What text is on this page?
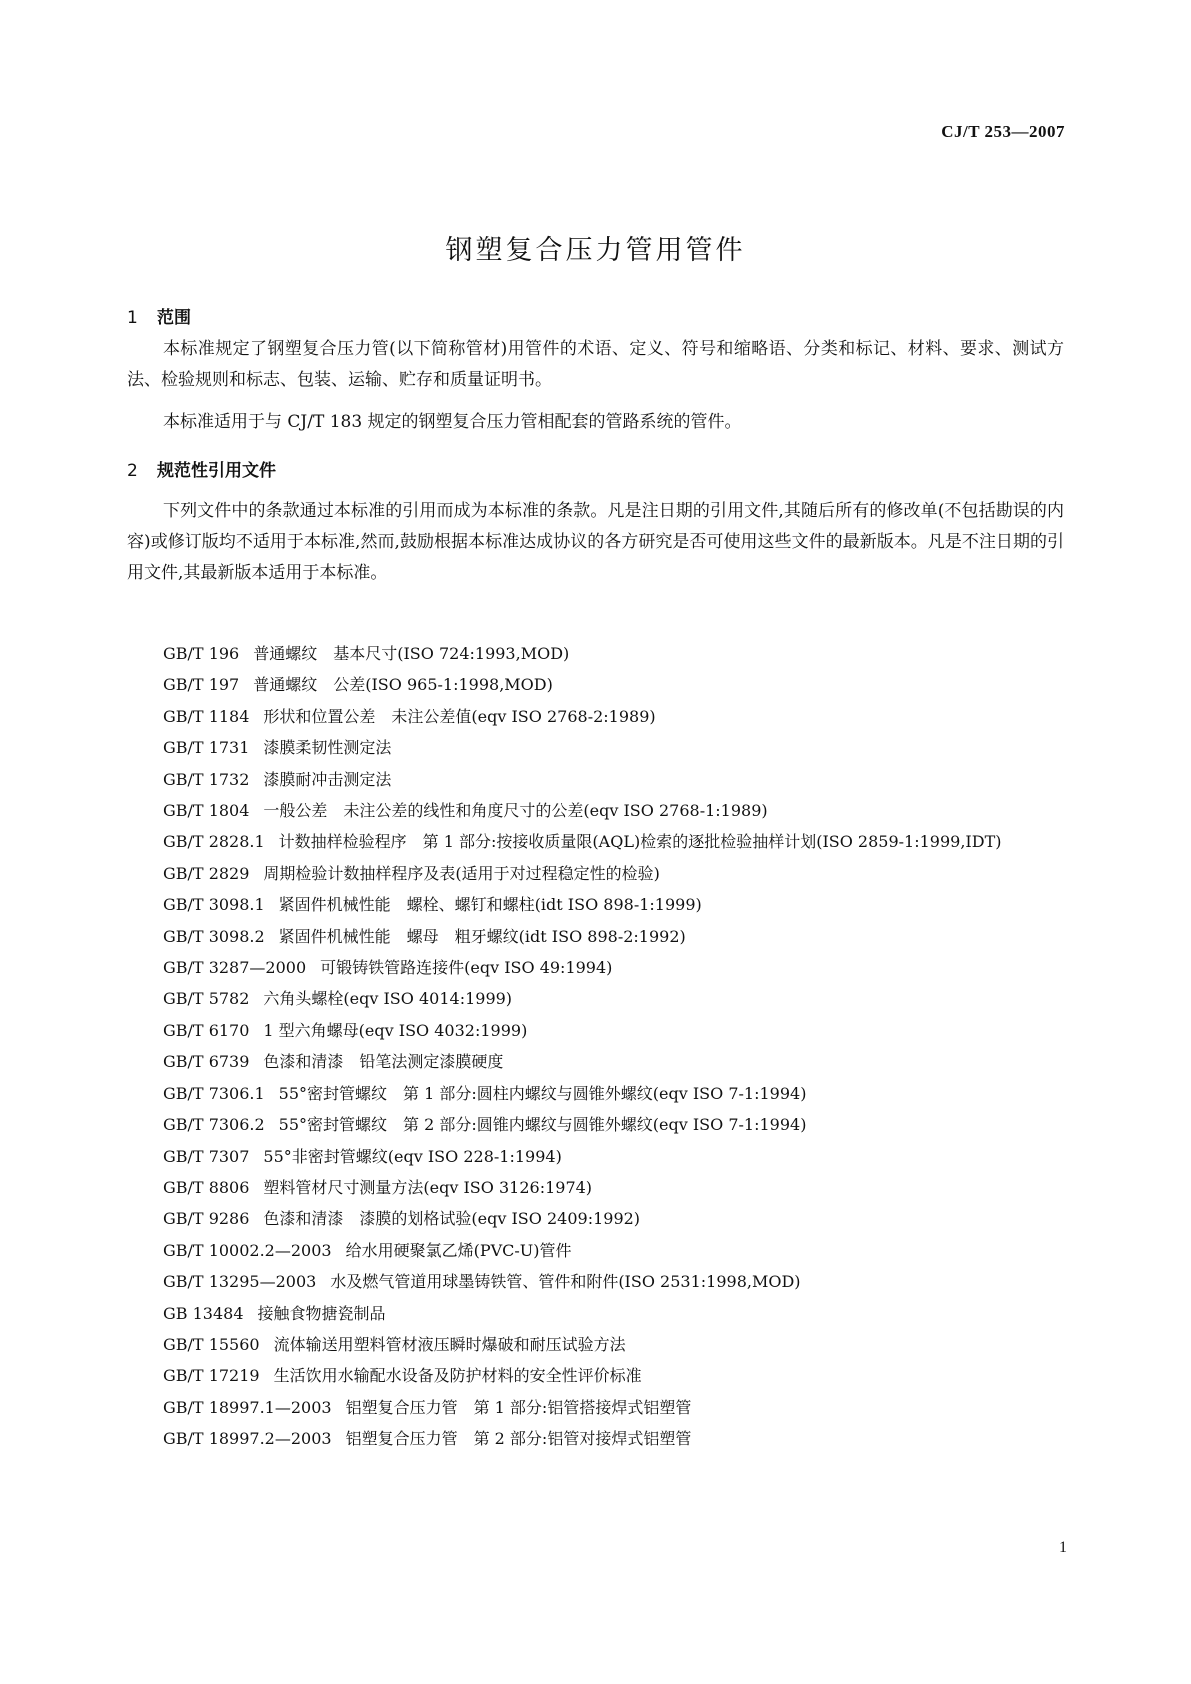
CJ/T 253—2007
钢塑复合压力管用管件
1 范围

本标准规定了钢塑复合压力管(以下简称管材)用管件的术语、定义、符号和缩略语、分类和标记、材料、要求、测试方法、检验规则和标志、包装、运输、贮存和质量证明书。

本标准适用于与 CJ/T 183 规定的钢塑复合压力管相配套的管路系统的管件。

2 规范性引用文件

下列文件中的条款通过本标准的引用而成为本标准的条款。凡是注日期的引用文件,其随后所有的修改单(不包括勘误的内容)或修订版均不适用于本标准,然而,鼓励根据本标准达成协议的各方研究是否可使用这些文件的最新版本。凡是不注日期的引用文件,其最新版本适用于本标准。

GB/T 196 普通螺纹　基本尺寸(ISO 724:1993,MOD)
GB/T 197 普通螺纹　公差(ISO 965-1:1998,MOD)
GB/T 1184 形状和位置公差　未注公差值(eqv ISO 2768-2:1989)
GB/T 1731 漆膜柔韧性测定法
GB/T 1732 漆膜耐冲击测定法
GB/T 1804 一般公差　未注公差的线性和角度尺寸的公差(eqv ISO 2768-1:1989)
GB/T 2828.1 计数抽样检验程序　第 1 部分:按接收质量限(AQL)检索的逐批检验抽样计划(ISO 2859-1:1999,IDT)
GB/T 2829 周期检验计数抽样程序及表(适用于对过程稳定性的检验)
GB/T 3098.1 紧固件机械性能　螺栓、螺钉和螺柱(idt ISO 898-1:1999)
GB/T 3098.2 紧固件机械性能　螺母　粗牙螺纹(idt ISO 898-2:1992)
GB/T 3287—2000 可锻铸铁管路连接件(eqv ISO 49:1994)
GB/T 5782 六角头螺栓(eqv ISO 4014:1999)
GB/T 6170 1 型六角螺母(eqv ISO 4032:1999)
GB/T 6739 色漆和清漆　铅笔法测定漆膜硬度
GB/T 7306.1 55°密封管螺纹　第 1 部分:圆柱内螺纹与圆锥外螺纹(eqv ISO 7-1:1994)
GB/T 7306.2 55°密封管螺纹　第 2 部分:圆锥内螺纹与圆锥外螺纹(eqv ISO 7-1:1994)
GB/T 7307 55°非密封管螺纹(eqv ISO 228-1:1994)
GB/T 8806 塑料管材尺寸测量方法(eqv ISO 3126:1974)
GB/T 9286 色漆和清漆　漆膜的划格试验(eqv ISO 2409:1992)
GB/T 10002.2—2003 给水用硬聚氯乙烯(PVC-U)管件
GB/T 13295—2003 水及燃气管道用球墨铸铁管、管件和附件(ISO 2531:1998,MOD)
GB 13484 接触食物搪瓷制品
GB/T 15560 流体输送用塑料管材液压瞬时爆破和耐压试验方法
GB/T 17219 生活饮用水输配水设备及防护材料的安全性评价标准
GB/T 18997.1—2003 铝塑复合压力管　第 1 部分:铝管搭接焊式铝塑管
GB/T 18997.2—2003 铝塑复合压力管　第 2 部分:铝管对接焊式铝塑管
1
